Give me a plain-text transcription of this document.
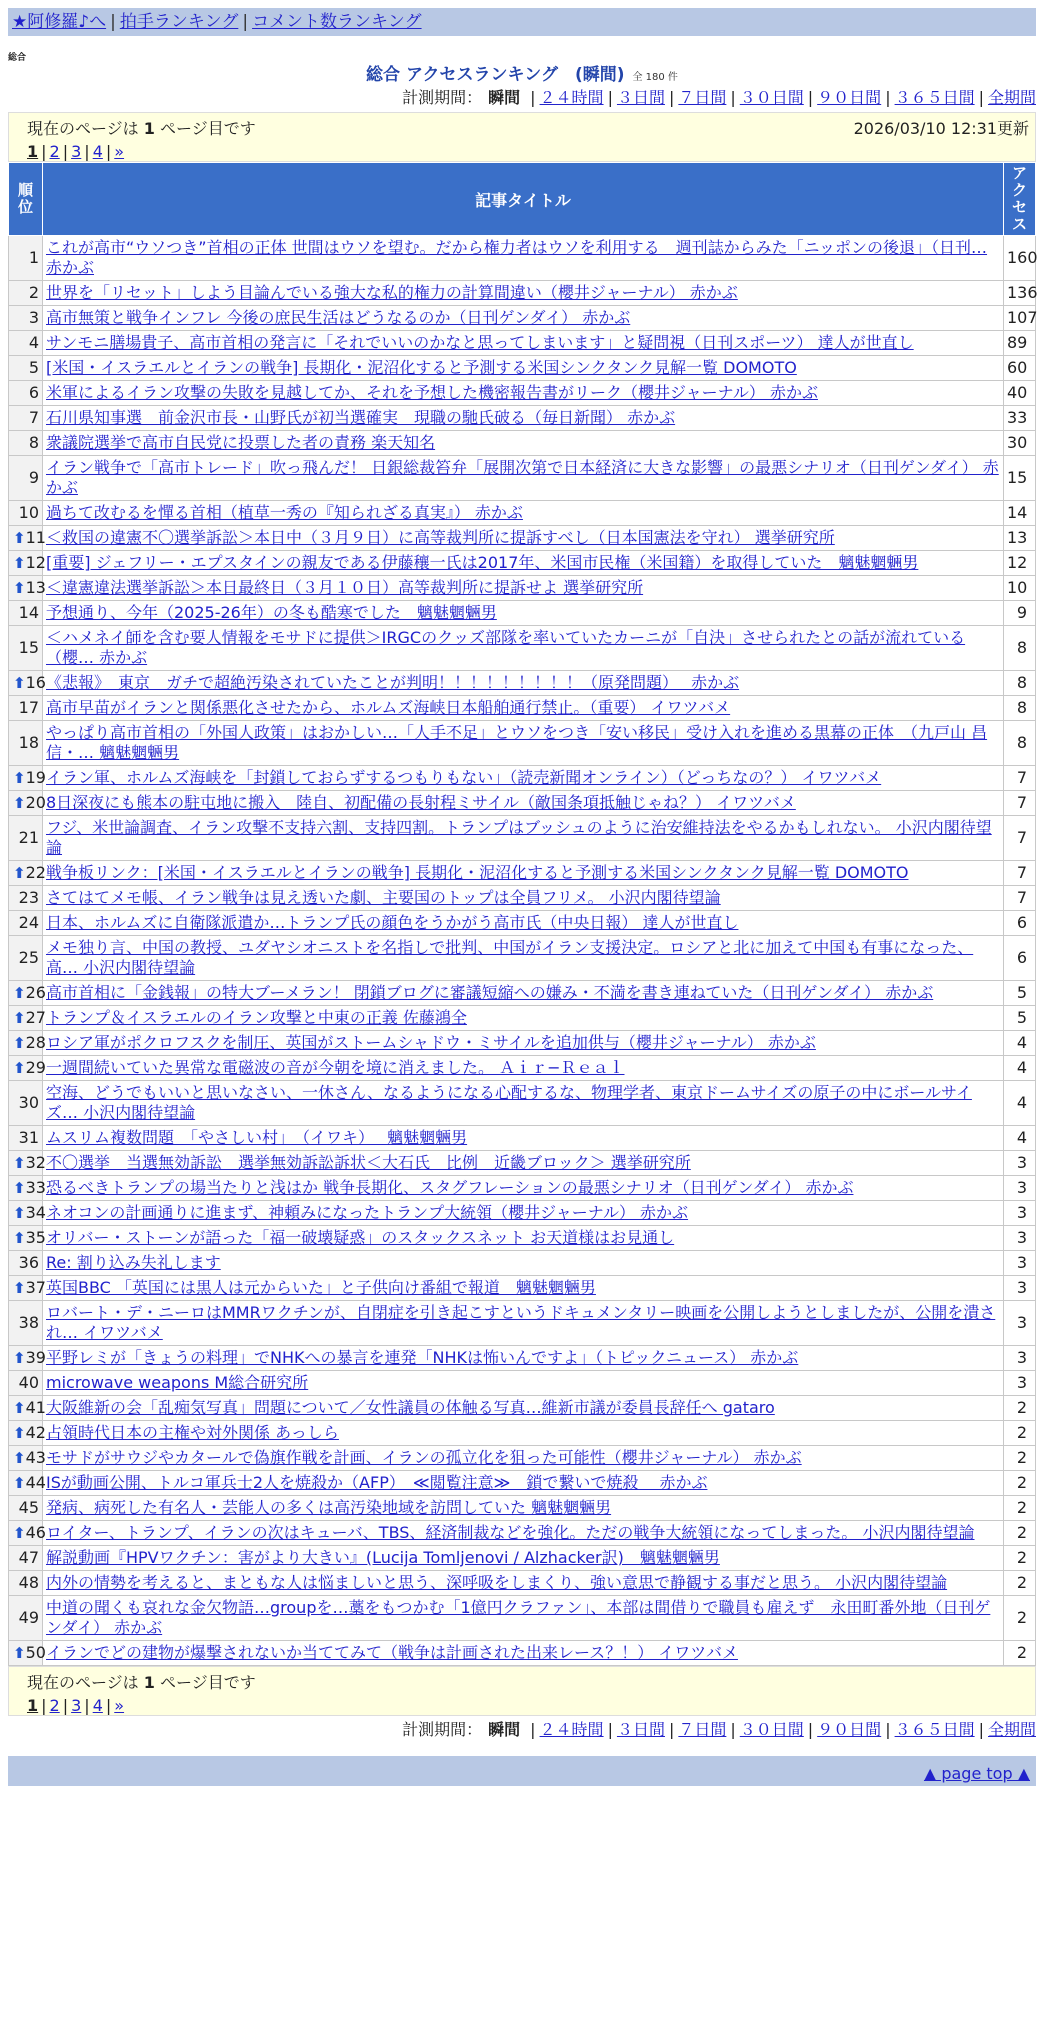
★阿修羅♪へ | 拍手ランキング | コメント数ランキング
総合
総合 アクセスランキング　(瞬間) 全 180 件
計測期間： 瞬間 | ２４時間 | ３日間 | ７日間 | ３０日間 | ９０日間 | ３６５日間 | 全期間
現在のページは 1 ページ目です	2026/03/10 12:31更新
1 | 2 | 3 | 4 | »
順位	記事タイトル	アクセス
1	これが高市“ウソつき”首相の正体 世間はウソを望む。だから権力者はウソを利用する　週刊誌からみた「ニッポンの後退」（日刊… 赤かぶ	160
2	世界を「リセット」しよう目論んでいる強大な私的権力の計算間違い（櫻井ジャーナル） 赤かぶ	136
3	高市無策と戦争インフレ 今後の庶民生活はどうなるのか（日刊ゲンダイ） 赤かぶ	107
4	サンモニ膳場貴子、高市首相の発言に「それでいいのかなと思ってしまいます」と疑問視（日刊スポーツ） 達人が世直し	89
5	[米国・イスラエルとイランの戦争] 長期化・泥沼化すると予測する米国シンクタンク見解一覧 DOMOTO	60
6	米軍によるイラン攻撃の失敗を見越してか、それを予想した機密報告書がリーク（櫻井ジャーナル） 赤かぶ	40
7	石川県知事選　前金沢市長・山野氏が初当選確実　現職の馳氏破る（毎日新聞） 赤かぶ	33
8	衆議院選挙で高市自民党に投票した者の責務 楽天知名	30
9	イラン戦争で「高市トレード」吹っ飛んだ！ 日銀総裁笞弁「展開次第で日本経済に大きな影響」の最悪シナリオ（日刊ゲンダイ） 赤かぶ	15
10	過ちて改むるを憚る首相（植草一秀の『知られざる真実』） 赤かぶ	14

⬆ 11	＜救国の違憲不〇選挙訴訟＞本日中（３月９日）に高等裁判所に提訴すべし（日本国憲法を守れ） 選挙研究所	13

⬆ 12	[重要] ジェフリー・エプスタインの親友である伊藤穰一氏は2017年、米国市民権（米国籍）を取得していた　魑魅魍魎男	12

⬆ 13	＜違憲違法選挙訴訟＞本日最終日（３月１０日）高等裁判所に提訴せよ 選挙研究所	10
14	予想通り、今年（2025-26年）の冬も酷寒でした　魑魅魍魎男	9
15	＜ハメネイ師を含む要人情報をモサドに提供＞IRGCのクッズ部隊を率いていたカーニが「自決」させられたとの話が流れている（櫻… 赤かぶ	8

⬆ 16	《悲報》　東京　ガチで超絶汚染されていたことが判明！！！！！！！！！（原発問題）　 赤かぶ	8
17	高市早苗がイランと関係悪化させたから、ホルムズ海峡日本船舶通行禁止。（重要） イワツバメ	8
18	やっぱり高市首相の「外国人政策」はおかしい…「人手不足」とウソをつき「安い移民」受け入れを進める黒幕の正体　（九戸山 昌信・… 魑魅魍魎男	8

⬆ 19	イラン軍、ホルムズ海峡を「封鎖しておらずするつもりもない」（読売新聞オンライン）（どっちなの？） イワツバメ	7

⬆ 20	8日深夜にも熊本の駐屯地に搬入　陸自、初配備の長射程ミサイル（敵国条項抵触じゃね？） イワツバメ	7
21	フジ、米世論調査、イラン攻撃不支持六割、支持四割。トランプはブッシュのように治安維持法をやるかもしれない。 小沢内閣待望論	7

⬆ 22	戦争板リンク：[米国・イスラエルとイランの戦争] 長期化・泥沼化すると予測する米国シンクタンク見解一覧 DOMOTO	7
23	さてはてメモ帳、イラン戦争は見え透いた劇、主要国のトップは全員フリメ。 小沢内閣待望論	7
24	日本、ホルムズに自衛隊派遣か…トランプ氏の顔色をうかがう高市氏（中央日報） 達人が世直し	6
25	メモ独り言、中国の教授、ユダヤシオニストを名指しで批判、中国がイラン支援決定。ロシアと北に加えて中国も有事になった、高… 小沢内閣待望論	6

⬆ 26	高市首相に「金銭報」の特大ブーメラン！ 閉鎖ブログに審議短縮への嫌み・不満を書き連ねていた（日刊ゲンダイ） 赤かぶ	5

⬆ 27	トランプ＆イスラエルのイラン攻撃と中東の正義 佐藤鴻全	5

⬆ 28	ロシア軍がポクロフスクを制圧、英国がストームシャドウ・ミサイルを追加供与（櫻井ジャーナル） 赤かぶ	4

⬆ 29	一週間続いていた異常な電磁波の音が今朝を境に消えました。 Ａｉｒ−Ｒｅａｌ	4
30	空海、どうでもいいと思いなさい、一休さん、なるようになる心配するな、物理学者、東京ドームサイズの原子の中にボールサイズ… 小沢内閣待望論	4
31	ムスリム複数問題　「やさしい村」　（イワキ）　 魑魅魍魎男	4

⬆ 32	不〇選挙　当選無効訴訟　選挙無効訴訟訴状＜大石氏　比例　近畿ブロック＞ 選挙研究所	3

⬆ 33	恐るべきトランプの場当たりと浅はか 戦争長期化、スタグフレーションの最悪シナリオ（日刊ゲンダイ） 赤かぶ	3

⬆ 34	ネオコンの計画通りに進まず、神頼みになったトランプ大統領（櫻井ジャーナル） 赤かぶ	3

⬆ 35	オリバー・ストーンが語った「福一破壊疑惑」のスタックスネット お天道様はお見通し	3
36	Re: 割り込み失礼します	3

⬆ 37	英国BBC 「英国には黒人は元からいた」と子供向け番組で報道　魑魅魍魎男	3
38	ロバート・デ・ニーロはMMRワクチンが、自閉症を引き起こすというドキュメンタリー映画を公開しようとしましたが、公開を潰され… イワツバメ	3

⬆ 39	平野レミが「きょうの料理」でNHKへの暴言を連発「NHKは怖いんですよ」（トピックニュース） 赤かぶ	3
40	microwave weapons M総合研究所	3

⬆ 41	大阪維新の会「乱痴気写真」問題について／女性議員の体触る写真…維新市議が委員長辞任へ gataro	2

⬆ 42	占領時代日本の主権や対外関係 あっしら	2

⬆ 43	モサドがサウジやカタールで偽旗作戦を計画、イランの孤立化を狙った可能性（櫻井ジャーナル） 赤かぶ	2

⬆ 44	ISが動画公開、トルコ軍兵士2人を焼殺か（AFP）　≪閲覧注意≫　鎖で繋いで焼殺　 赤かぶ	2
45	発病、病死した有名人・芸能人の多くは高汚染地域を訪問していた 魑魅魍魎男	2

⬆ 46	ロイター、トランプ、イランの次はキューバ、TBS、経済制裁などを強化。ただの戦争大統領になってしまった。 小沢内閣待望論	2
47	解説動画『HPVワクチン：害がより大きい』(Lucija Tomljenovi / Alzhacker訳)　魑魅魍魎男	2
48	内外の情勢を考えると、まともな人は悩ましいと思う、深呼吸をしまくり、強い意思で静観する事だと思う。 小沢内閣待望論	2
49	中道の聞くも哀れな金欠物語…groupを…藁をもつかむ「1億円クラファン」、本部は間借りで職員も雇えず　永田町番外地（日刊ゲンダイ） 赤かぶ	2

⬆ 50	イランでどの建物が爆撃されないか当ててみて（戦争は計画された出来レース？！） イワツバメ	2
現在のページは 1 ページ目です
1 | 2 | 3 | 4 | »
計測期間： 瞬間 | ２４時間 | ３日間 | ７日間 | ３０日間 | ９０日間 | ３６５日間 | 全期間
▲ page top ▲
